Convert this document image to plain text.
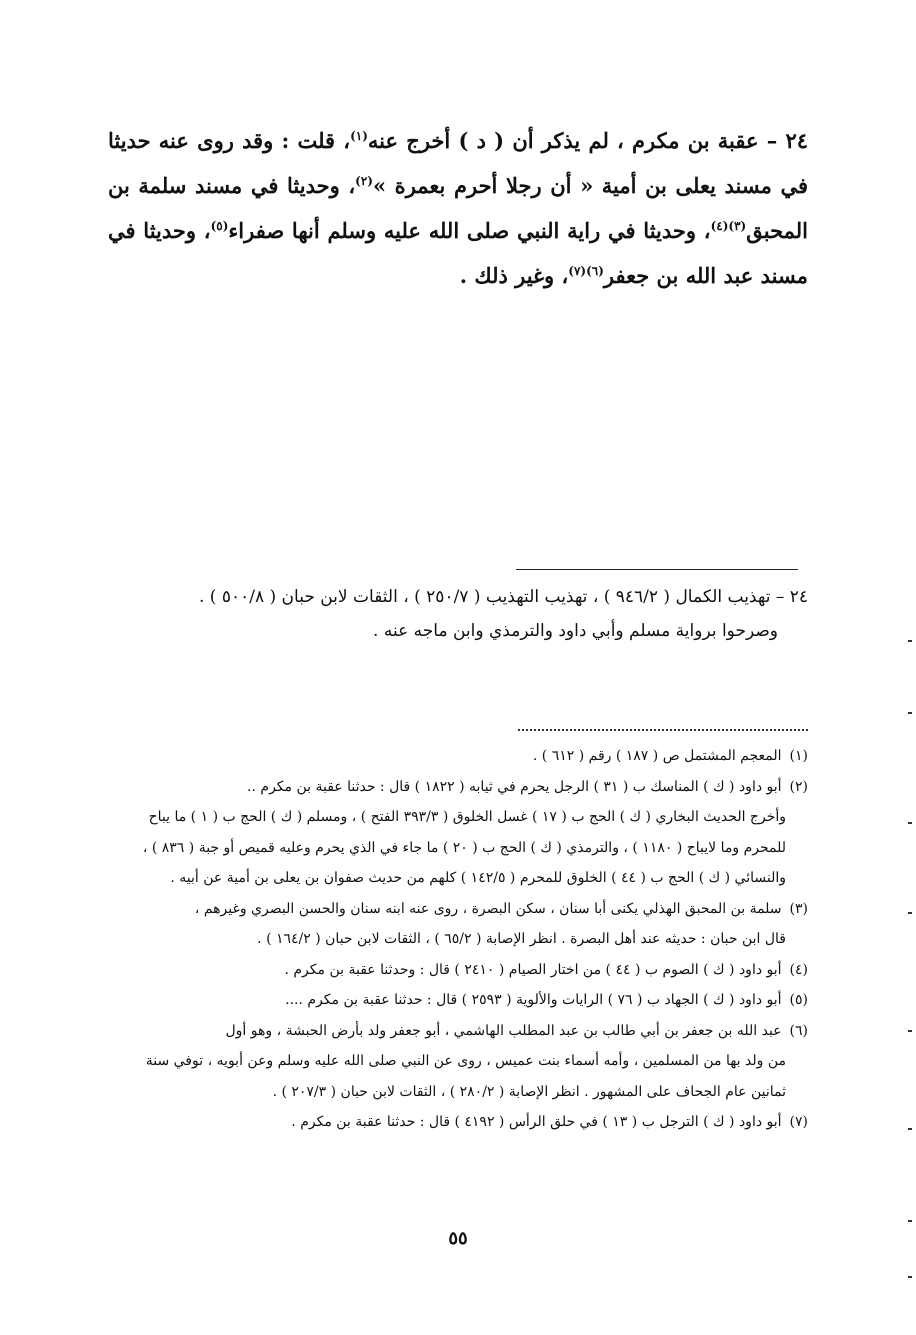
٢٤ – عقبة بن مكرم ، لم يذكر أن ( د ) أخرج عنه$^{(١)}$، قلت : وقد روى عنه حديثا في مسند يعلى بن أمية « أن رجلا أحرم بعمرة »$^{(٢)}$، وحديثا في مسند سلمة بن المحبق$^{(٣)(٤)}$، وحديثا في راية النبي صلى الله عليه وسلم أنها صفراء$^{(٥)}$، وحديثا في مسند عبد الله بن جعفر$^{(٦)(٧)}$، وغير ذلك .

٢٤ – تهذيب الكمال ( ٩٤٦/٢ ) ، تهذيب التهذيب ( ٢٥٠/٧ ) ، الثقات لابن حبان ( ٥٠٠/٨ ) .

وصرحوا برواية مسلم وأبي داود والترمذي وابن ماجه عنه .

(١) المعجم المشتمل ص ( ١٨٧ ) رقم ( ٦١٢ ) .

(٢) أبو داود ( ك ) المناسك ب ( ٣١ ) الرجل يحرم في ثيابه ( ١٨٢٢ ) قال : حدثنا عقبة بن مكرم ..
وأخرج الحديث البخاري ( ك ) الحج ب ( ١٧ ) غسل الخلوق ( ٣٩٣/٣ الفتح ) ، ومسلم ( ك ) الحج ب ( ١ ) ما يباح للمحرم وما لايباح ( ١١٨٠ ) ، والترمذي ( ك ) الحج ب ( ٢٠ ) ما جاء في الذي يحرم وعليه قميص أو جبة ( ٨٣٦ ) ، والنسائي ( ك ) الحج ب ( ٤٤ ) الخلوق للمحرم ( ١٤٢/٥ ) كلهم من حديث صفوان بن يعلى بن أمية عن أبيه .

(٣) سلمة بن المحبق الهذلي يكنى أبا سنان ، سكن البصرة ، روى عنه ابنه سنان والحسن البصري وغيرهم ،
قال ابن حبان : حديثه عند أهل البصرة . انظر الإصابة ( ٦٥/٢ ) ، الثقات لابن حبان ( ١٦٤/٢ ) .

(٤) أبو داود ( ك ) الصوم ب ( ٤٤ ) من اختار الصيام ( ٢٤١٠ ) قال : وحدثنا عقبة بن مكرم .

(٥) أبو داود ( ك ) الجهاد ب ( ٧٦ ) الرايات والألوية ( ٢٥٩٣ ) قال : حدثنا عقبة بن مكرم ....

(٦) عبد الله بن جعفر بن أبي طالب بن عبد المطلب الهاشمي ، أبو جعفر ولد بأرض الحبشة ، وهو أول
من ولد بها من المسلمين ، وأمه أسماء بنت عميس ، روى عن النبي صلى الله عليه وسلم وعن أبويه ، توفي سنة ثمانين عام الجحاف على المشهور . انظر الإصابة ( ٢٨٠/٢ ) ، الثقات لابن حبان ( ٢٠٧/٣ ) .

(٧) أبو داود ( ك ) الترجل ب ( ١٣ ) في حلق الرأس ( ٤١٩٢ ) قال : حدثنا عقبة بن مكرم .

٥٥
